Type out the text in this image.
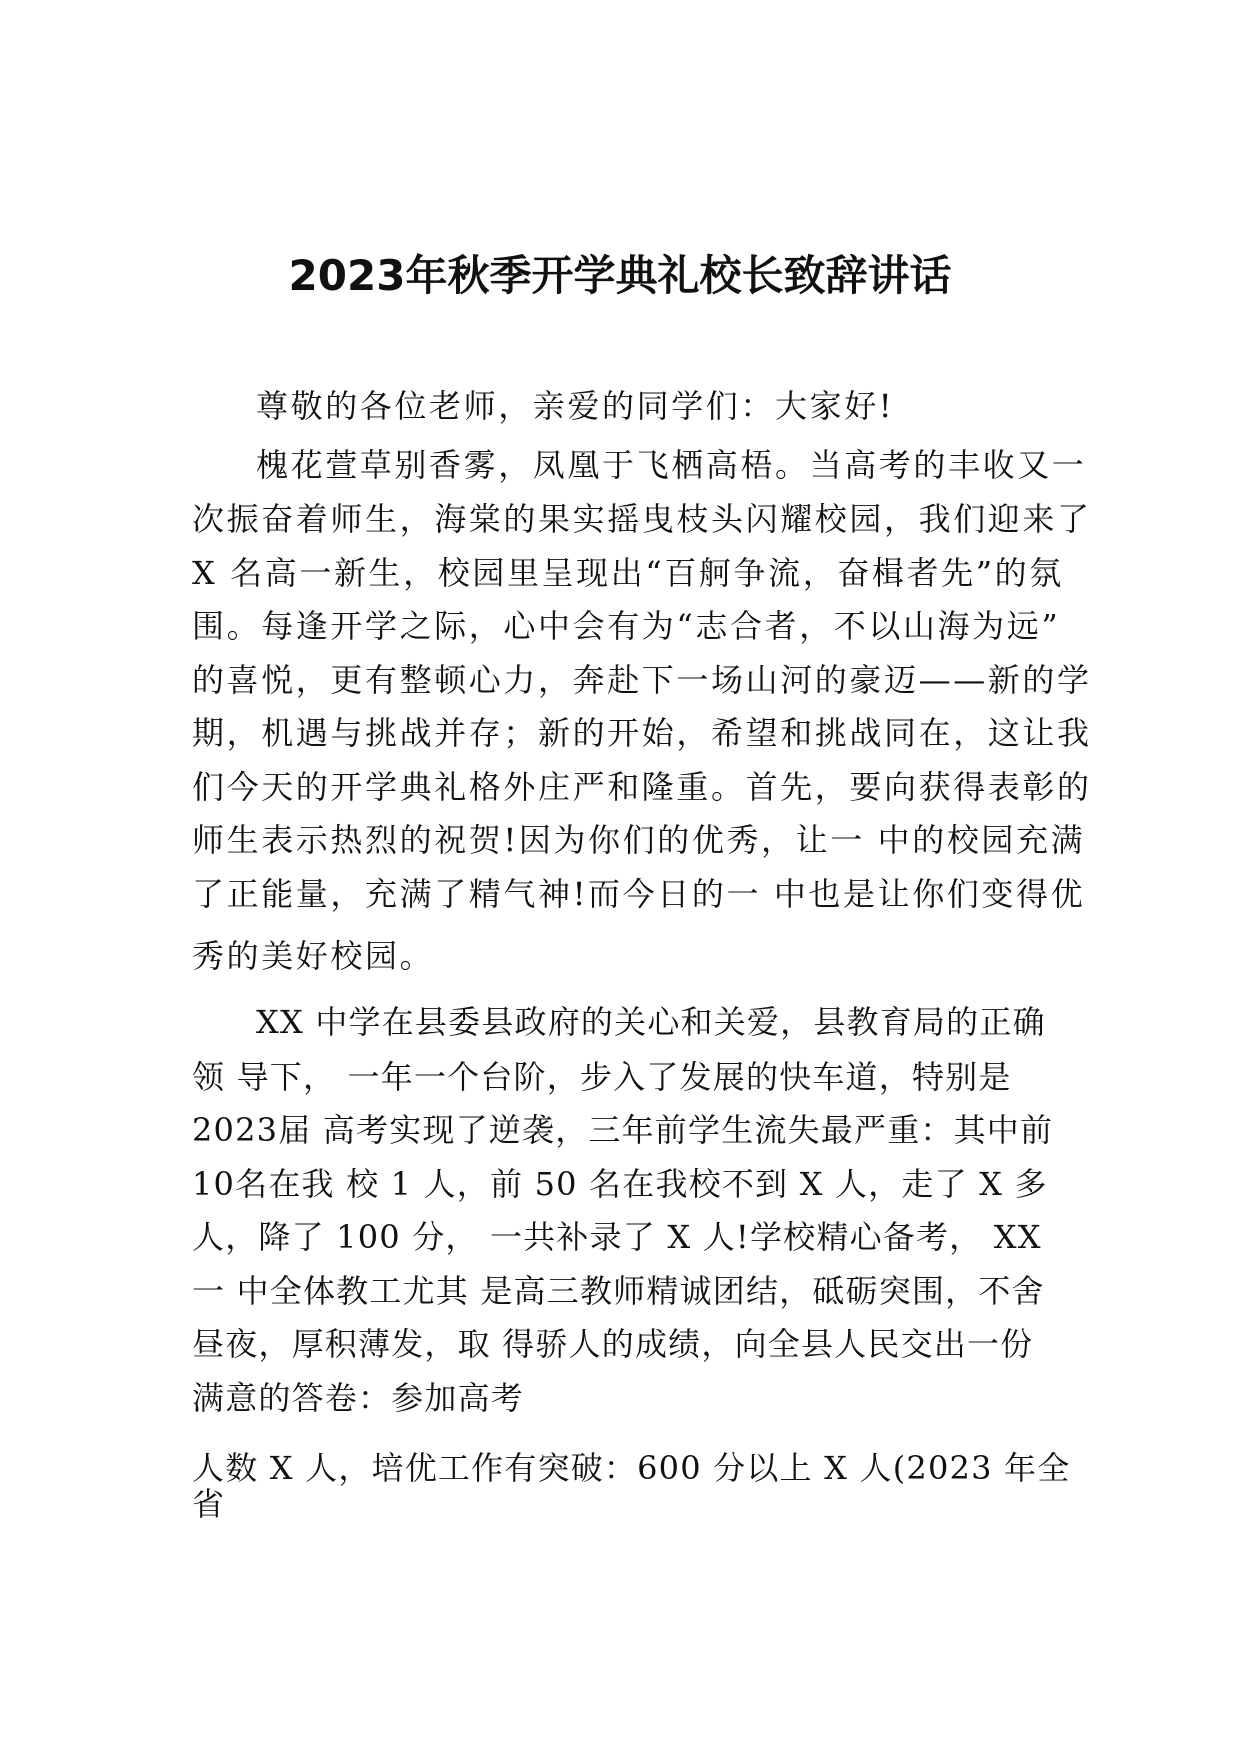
2023年秋季开学典礼校长致辞讲话
尊敬的各位老师，亲爱的同学们：大家好!
槐花萱草别香雾，凤凰于飞栖高梧。当高考的丰收又一
次振奋着师生，海棠的果实摇曳枝头闪耀校园，我们迎来了
X 名高一新生，校园里呈现出“百舸争流，奋楫者先”的氛
围。每逢开学之际，心中会有为“志合者，不以山海为远”
的喜悦，更有整顿心力，奔赴下一场山河的豪迈——新的学
期，机遇与挑战并存；新的开始，希望和挑战同在，这让我
们今天的开学典礼格外庄严和隆重。首先，要向获得表彰的
师生表示热烈的祝贺!因为你们的优秀，让一 中的校园充满
了正能量，充满了精气神!而今日的一 中也是让你们变得优
秀的美好校园。
XX 中学在县委县政府的关心和关爱，县教育局的正确
领 导下， 一年一个台阶，步入了发展的快车道，特别是
2023届 高考实现了逆袭，三年前学生流失最严重：其中前
10名在我 校 1 人，前 50 名在我校不到 X 人，走了 X 多
人，降了 100 分， 一共补录了 X 人!学校精心备考， XX
一 中全体教工尤其 是高三教师精诚团结，砥砺突围，不舍
昼夜，厚积薄发，取 得骄人的成绩，向全县人民交出一份
满意的答卷：参加高考
人数 X 人，培优工作有突破：600 分以上 X 人(2023 年全
省
